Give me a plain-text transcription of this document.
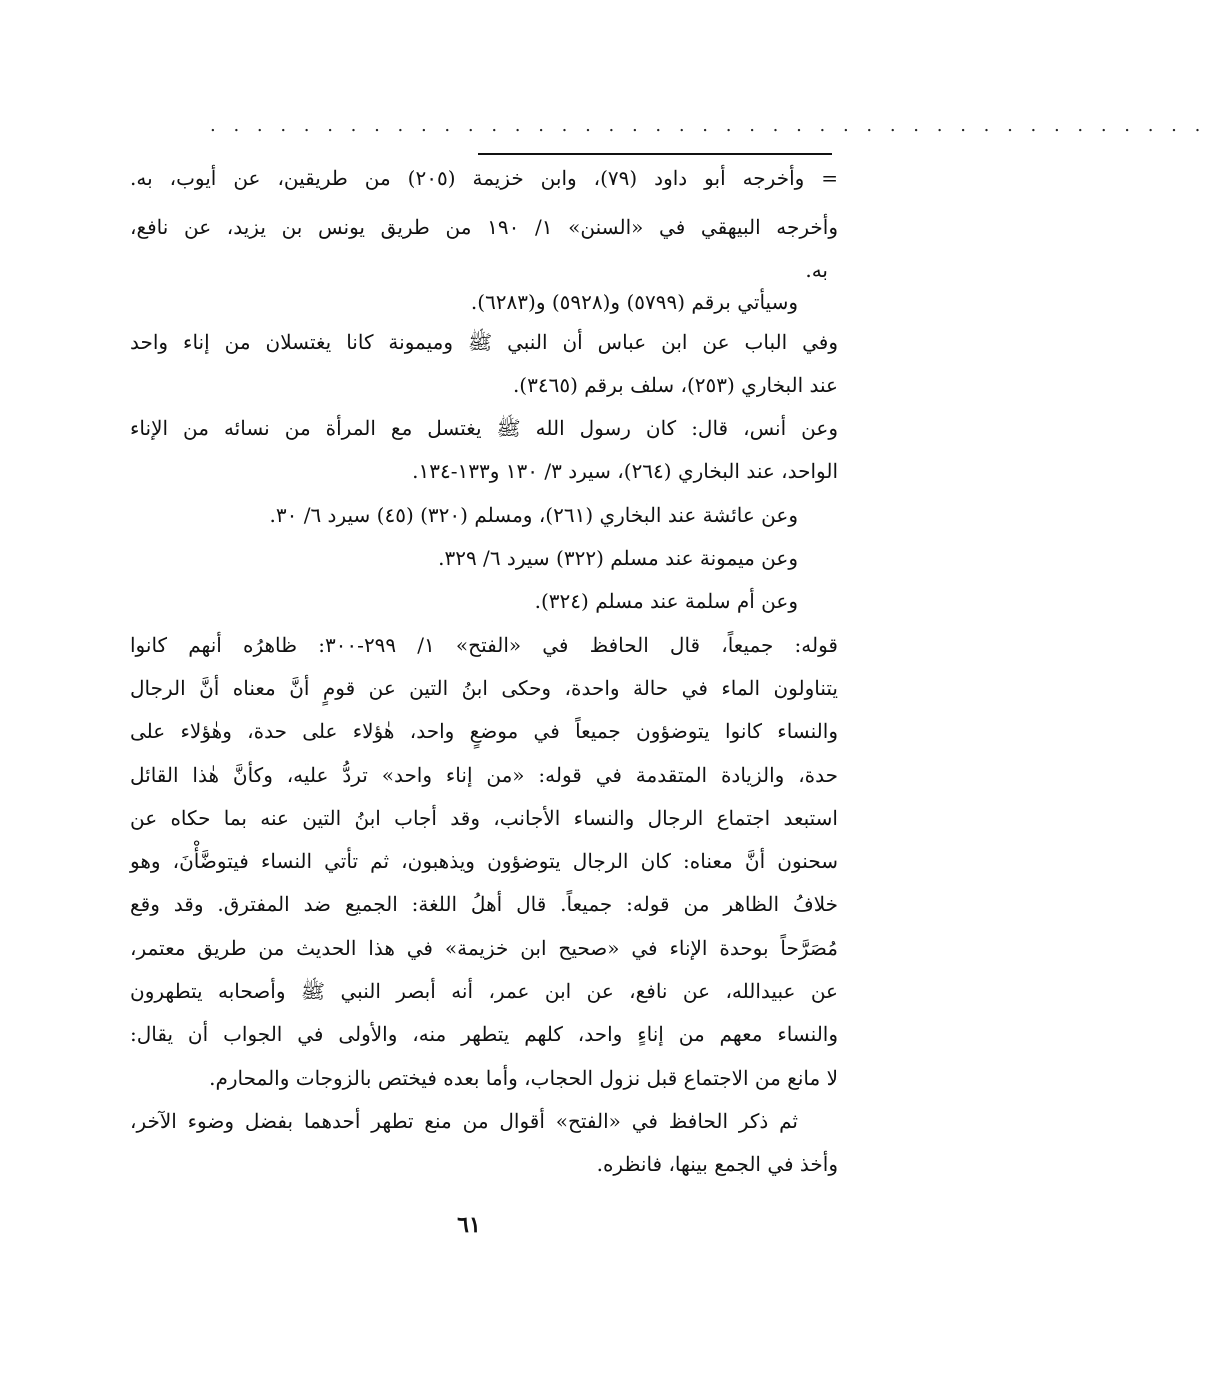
. . . . . . . . . . . . . . . . . . . . . . . . . . . . . . . . . . . . . . . . . . .
= وأخرجه أبو داود (٧٩)، وابن خزيمة (٢٠٥) من طريقين، عن أيوب، به.
وأخرجه البيهقي في «السنن» ١/ ١٩٠ من طريق يونس بن يزيد، عن نافع،
به.
وسيأتي برقم (٥٧٩٩) و(٥٩٢٨) و(٦٢٨٣).
وفي الباب عن ابن عباس أن النبي ﷺ وميمونة كانا يغتسلان من إناء واحد
عند البخاري (٢٥٣)، سلف برقم (٣٤٦٥).
وعن أنس، قال: كان رسول الله ﷺ يغتسل مع المرأة من نسائه من الإناء
الواحد، عند البخاري (٢٦٤)، سيرد ٣/ ١٣٠ و١٣٣-١٣٤.
وعن عائشة عند البخاري (٢٦١)، ومسلم (٣٢٠) (٤٥) سيرد ٦/ ٣٠.
وعن ميمونة عند مسلم (٣٢٢) سيرد ٦/ ٣٢٩.
وعن أم سلمة عند مسلم (٣٢٤).
قوله: جميعاً، قال الحافظ في «الفتح» ١/ ٢٩٩-٣٠٠: ظاهرُه أنهم كانوا
يتناولون الماء في حالة واحدة، وحكى ابنُ التين عن قومٍ أنَّ معناه أنَّ الرجال
والنساء كانوا يتوضؤون جميعاً في موضعٍ واحد، هٰؤلاء على حدة، وهٰؤلاء على
حدة، والزيادة المتقدمة في قوله: «من إناء واحد» تردُّ عليه، وكأنَّ هٰذا القائل
استبعد اجتماع الرجال والنساء الأجانب، وقد أجاب ابنُ التين عنه بما حكاه عن
سحنون أنَّ معناه: كان الرجال يتوضؤون ويذهبون، ثم تأتي النساء فيتوضَّأْنَ، وهو
خلافُ الظاهر من قوله: جميعاً. قال أهلُ اللغة: الجميع ضد المفترق. وقد وقع
مُصَرَّحاً بوحدة الإناء في «صحيح ابن خزيمة» في هذا الحديث من طريق معتمر،
عن عبيدالله، عن نافع، عن ابن عمر، أنه أبصر النبي ﷺ وأصحابه يتطهرون
والنساء معهم من إناءٍ واحد، كلهم يتطهر منه، والأولى في الجواب أن يقال:
لا مانع من الاجتماع قبل نزول الحجاب، وأما بعده فيختص بالزوجات والمحارم.
ثم ذكر الحافظ في «الفتح» أقوال من منع تطهر أحدهما بفضل وضوء الآخر،
وأخذ في الجمع بينها، فانظره.
٦١
